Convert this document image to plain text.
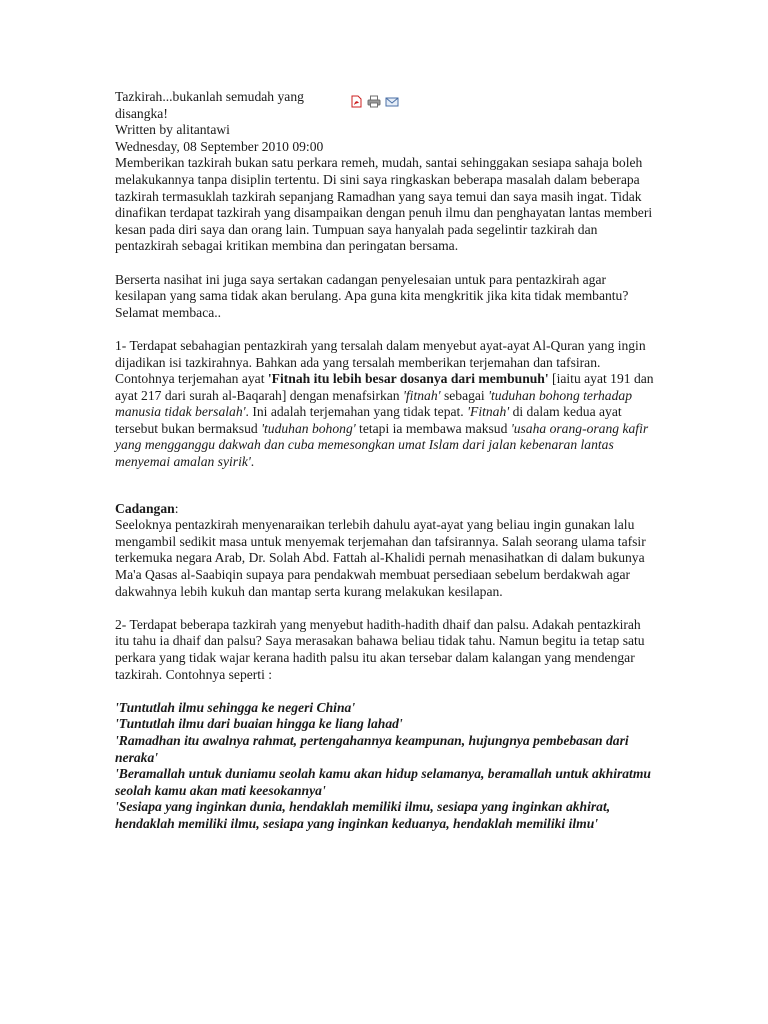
Tazkirah...bukanlah semudah yang disangka!

Written by alitantawi

Wednesday, 08 September 2010 09:00

Memberikan tazkirah bukan satu perkara remeh, mudah, santai sehinggakan sesiapa sahaja boleh melakukannya tanpa disiplin tertentu. Di sini saya ringkaskan beberapa masalah dalam beberapa tazkirah termasuklah tazkirah sepanjang Ramadhan yang saya temui dan saya masih ingat. Tidak dinafikan terdapat tazkirah yang disampaikan dengan penuh ilmu dan penghayatan lantas memberi kesan pada diri saya dan orang lain. Tumpuan saya hanyalah pada segelintir tazkirah dan pentazkirah sebagai kritikan membina dan peringatan bersama.

Berserta nasihat ini juga saya sertakan cadangan penyelesaian untuk para pentazkirah agar kesilapan yang sama tidak akan berulang. Apa guna kita mengkritik jika kita tidak membantu?

Selamat membaca..

1- Terdapat sebahagian pentazkirah yang tersalah dalam menyebut ayat-ayat Al-Quran yang ingin dijadikan isi tazkirahnya. Bahkan ada yang tersalah memberikan terjemahan dan tafsiran. Contohnya terjemahan ayat 'Fitnah itu lebih besar dosanya dari membunuh' [iaitu ayat 191 dan ayat 217 dari surah al-Baqarah] dengan menafsirkan 'fitnah' sebagai 'tuduhan bohong terhadap manusia tidak bersalah'. Ini adalah terjemahan yang tidak tepat. 'Fitnah' di dalam kedua ayat tersebut bukan bermaksud 'tuduhan bohong' tetapi ia membawa maksud 'usaha orang-orang kafir yang mengganggu dakwah dan cuba memesongkan umat Islam dari jalan kebenaran lantas menyemai amalan syirik'.

Cadangan:

Seeloknya pentazkirah menyenaraikan terlebih dahulu ayat-ayat yang beliau ingin gunakan lalu mengambil sedikit masa untuk menyemak terjemahan dan tafsirannya. Salah seorang ulama tafsir terkemuka negara Arab, Dr. Solah Abd. Fattah al-Khalidi pernah menasihatkan di dalam bukunya Ma'a Qasas al-Saabiqin supaya para pendakwah membuat persediaan sebelum berdakwah agar dakwahnya lebih kukuh dan mantap serta kurang melakukan kesilapan.

2- Terdapat beberapa tazkirah yang menyebut hadith-hadith dhaif dan palsu. Adakah pentazkirah itu tahu ia dhaif dan palsu? Saya merasakan bahawa beliau tidak tahu. Namun begitu ia tetap satu perkara yang tidak wajar kerana hadith palsu itu akan tersebar dalam kalangan yang mendengar tazkirah. Contohnya seperti :

'Tuntutlah ilmu sehingga ke negeri China'

'Tuntutlah ilmu dari buaian hingga ke liang lahad'

'Ramadhan itu awalnya rahmat, pertengahannya keampunan, hujungnya pembebasan dari neraka'

'Beramallah untuk duniamu seolah kamu akan hidup selamanya, beramallah untuk akhiratmu seolah kamu akan mati keesokannya'

'Sesiapa yang inginkan dunia, hendaklah memiliki ilmu, sesiapa yang inginkan akhirat, hendaklah memiliki ilmu, sesiapa yang inginkan keduanya, hendaklah memiliki ilmu'
